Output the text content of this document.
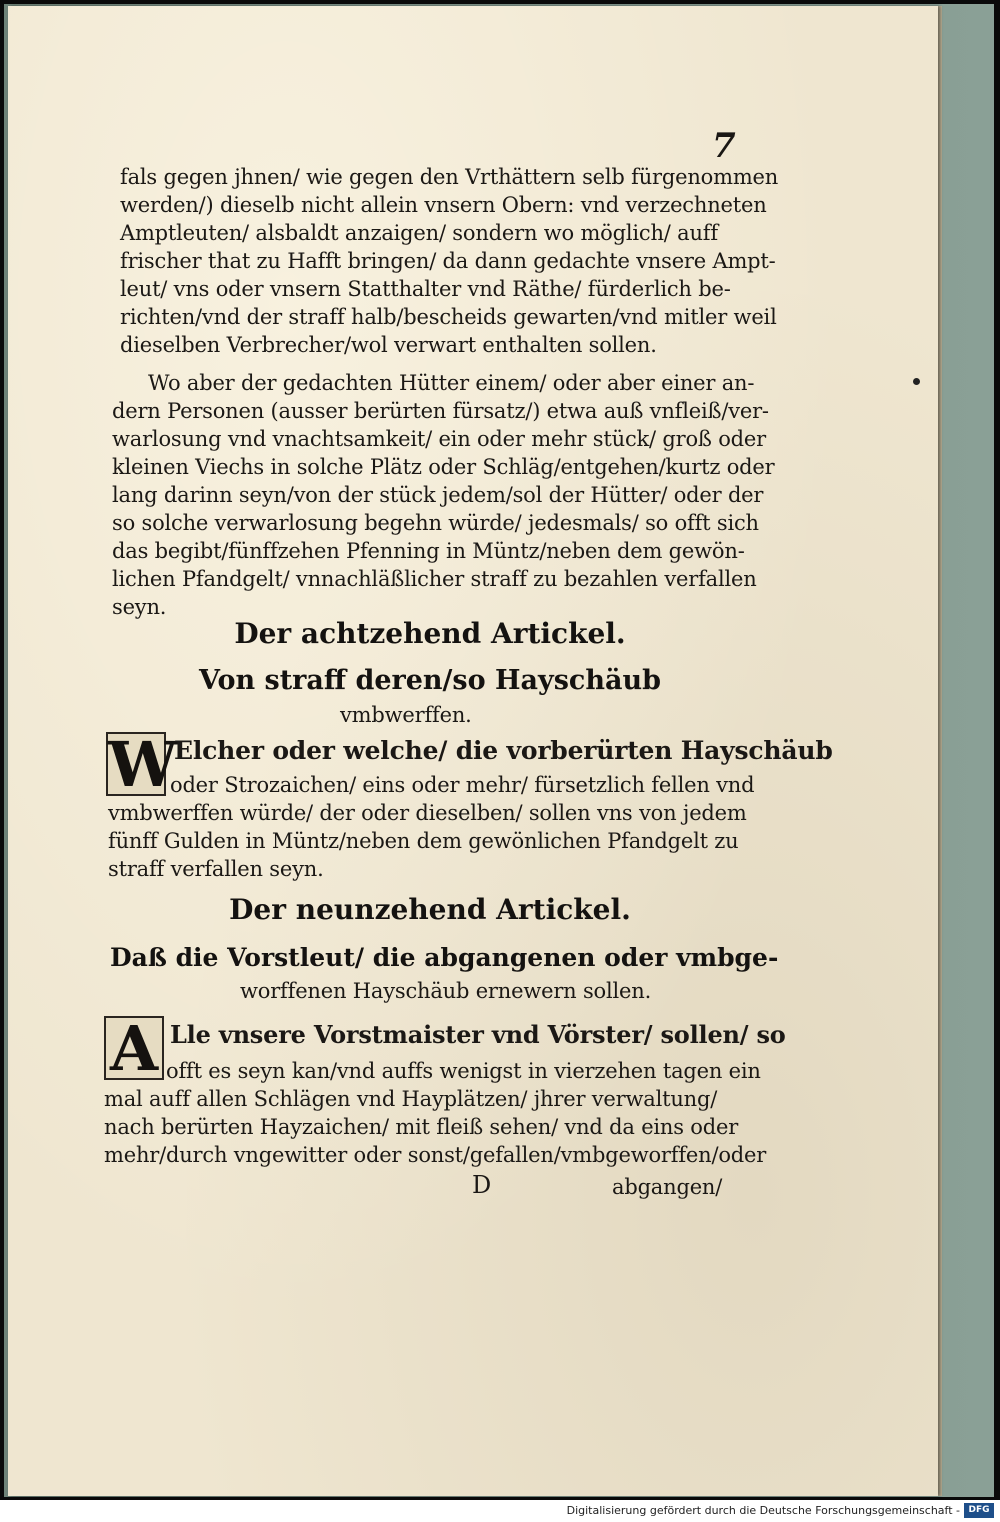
7

fals gegen jhnen/ wie gegen den Vrthättern selb fürgenommen

werden/) dieselb nicht allein vnsern Obern: vnd verzechneten

Amptleuten/ alsbaldt anzaigen/ sondern wo möglich/ auff

frischer that zu Hafft bringen/ da dann gedachte vnsere Ampt-

leut/ vns oder vnsern Statthalter vnd Räthe/ fürderlich be-

richten/vnd der straff halb/bescheids gewarten/vnd mitler weil

dieselben Verbrecher/wol verwart enthalten sollen.

Wo aber der gedachten Hütter einem/ oder aber einer an-

dern Personen (ausser berürten fürsatz/) etwa auß vnfleiß/ver-

warlosung vnd vnachtsamkeit/ ein oder mehr stück/ groß oder

kleinen Viechs in solche Plätz oder Schläg/entgehen/kurtz oder

lang darinn seyn/von der stück jedem/sol der Hütter/ oder der

so solche verwarlosung begehn würde/ jedesmals/ so offt sich

das begibt/fünffzehen Pfenning in Müntz/neben dem gewön-

lichen Pfandgelt/ vnnachläßlicher straff zu bezahlen verfallen

seyn.

Der achtzehend Artickel.

Von straff deren/so Hayschäub

vmbwerffen.

W

Elcher oder welche/ die vorberürten Hayschäub

oder Strozaichen/ eins oder mehr/ fürsetzlich fellen vnd

vmbwerffen würde/ der oder dieselben/ sollen vns von jedem

fünff Gulden in Müntz/neben dem gewönlichen Pfandgelt zu

straff verfallen seyn.

Der neunzehend Artickel.

Daß die Vorstleut/ die abgangenen oder vmbge-

worffenen Hayschäub ernewern sollen.

A Lle vnsere Vorstmaister vnd Vörster/ sollen/ so

offt es seyn kan/vnd auffs wenigst in vierzehen tagen ein

mal auff allen Schlägen vnd Hayplätzen/ jhrer verwaltung/

nach berürten Hayzaichen/ mit fleiß sehen/ vnd da eins oder

mehr/durch vngewitter oder sonst/gefallen/vmbgeworffen/oder

D	abgangen/

Digitalisierung gefördert durch die Deutsche Forschungsgemeinschaft - DFG
